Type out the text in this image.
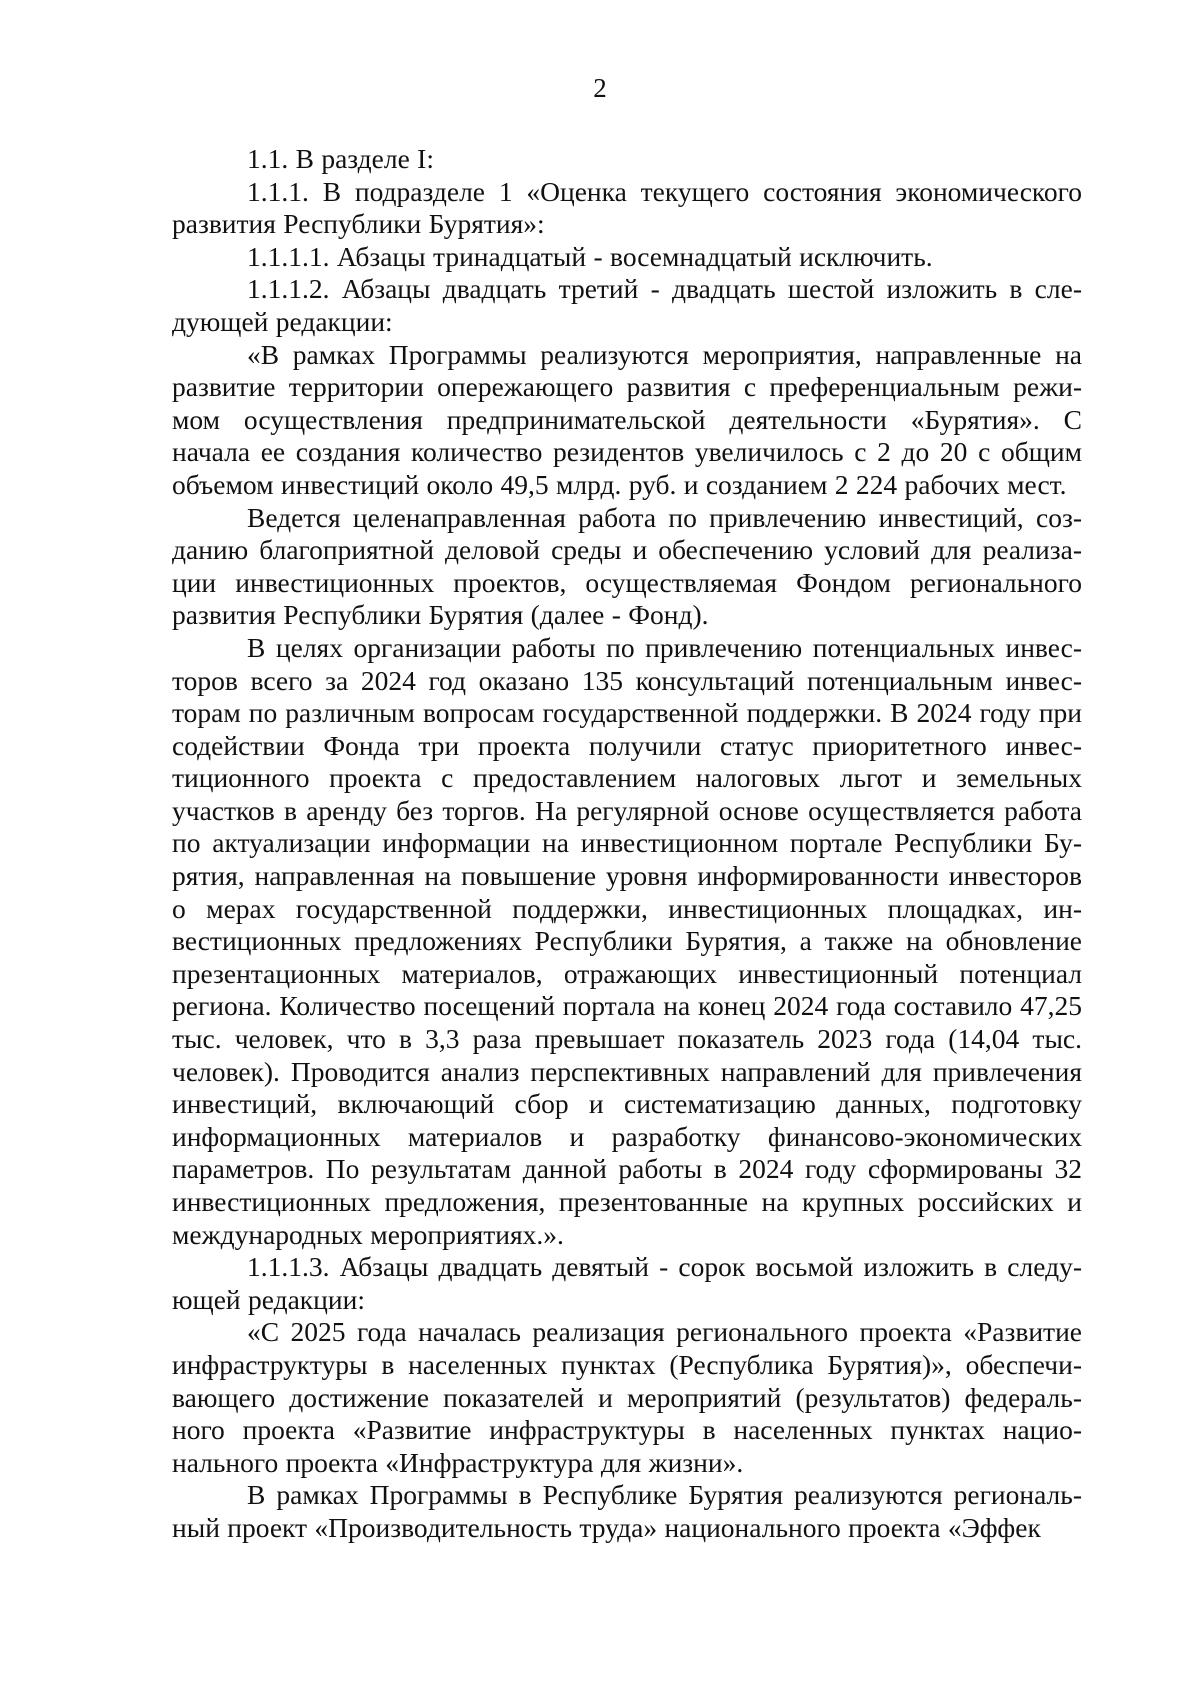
2

1.1. В разделе I:

1.1.1. В подразделе 1 «Оценка текущего состояния экономического развития Республики Бурятия»:

1.1.1.1. Абзацы тринадцатый - восемнадцатый исключить.

1.1.1.2. Абзацы двадцать третий - двадцать шестой изложить в следующей редакции:

«В рамках Программы реализуются мероприятия, направленные на развитие территории опережающего развития с преференциальным режимом осуществления предпринимательской деятельности «Бурятия». С начала ее создания количество резидентов увеличилось с 2 до 20 с общим объемом инвестиций около 49,5 млрд. руб. и созданием 2 224 рабочих мест.

Ведется целенаправленная работа по привлечению инвестиций, созданию благоприятной деловой среды и обеспечению условий для реализации инвестиционных проектов, осуществляемая Фондом регионального развития Республики Бурятия (далее - Фонд).

В целях организации работы по привлечению потенциальных инвесторов всего за 2024 год оказано 135 консультаций потенциальным инвесторам по различным вопросам государственной поддержки. В 2024 году при содействии Фонда три проекта получили статус приоритетного инвестиционного проекта с предоставлением налоговых льгот и земельных участков в аренду без торгов. На регулярной основе осуществляется работа по актуализации информации на инвестиционном портале Республики Бурятия, направленная на повышение уровня информированности инвесторов о мерах государственной поддержки, инвестиционных площадках, инвестиционных предложениях Республики Бурятия, а также на обновление презентационных материалов, отражающих инвестиционный потенциал региона. Количество посещений портала на конец 2024 года составило 47,25 тыс. человек, что в 3,3 раза превышает показатель 2023 года (14,04 тыс. человек). Проводится анализ перспективных направлений для привлечения инвестиций, включающий сбор и систематизацию данных, подготовку информационных материалов и разработку финансово-экономических параметров. По результатам данной работы в 2024 году сформированы 32 инвестиционных предложения, презентованные на крупных российских и международных мероприятиях.».

1.1.1.3. Абзацы двадцать девятый - сорок восьмой изложить в следующей редакции:

«С 2025 года началась реализация регионального проекта «Развитие инфраструктуры в населенных пунктах (Республика Бурятия)», обеспечивающего достижение показателей и мероприятий (результатов) федерального проекта «Развитие инфраструктуры в населенных пунктах национального проекта «Инфраструктура для жизни».

В рамках Программы в Республике Бурятия реализуются региональный проект «Производительность труда» национального проекта «Эффек
